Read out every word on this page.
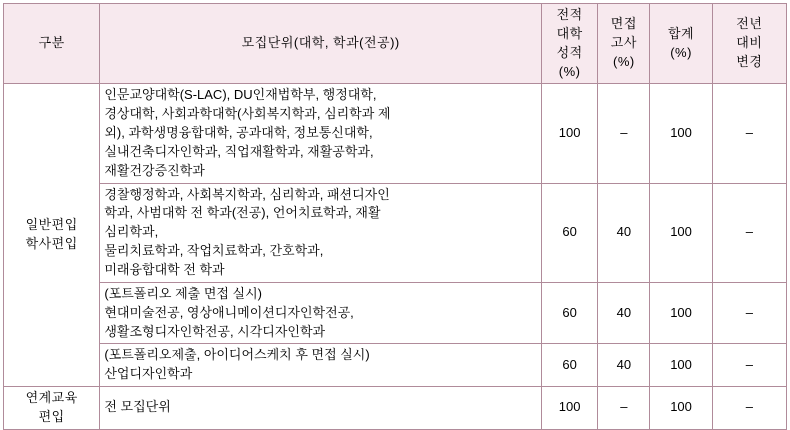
구분	모집단위(대학, 학과(전공))	전적
대학
성적
(%)	면접
고사
(%)	합계
(%)	전년
대비
변경

일반편입
학사편입	인문교양대학(S-LAC), DU인재법학부, 행정대학,
경상대학, 사회과학대학(사회복지학과, 심리학과 제
외), 과학생명융합대학, 공과대학, 정보통신대학,
실내건축디자인학과, 직업재활학과, 재활공학과,
재활건강증진학과	100	–	100	–

	경찰행정학과, 사회복지학과, 심리학과, 패션디자인
학과, 사범대학 전 학과(전공), 언어치료학과, 재활
심리학과,
물리치료학과, 작업치료학과, 간호학과,
미래융합대학 전 학과	60	40	100	–

	(포트폴리오 제출 면접 실시)
현대미술전공, 영상애니메이션디자인학전공,
생활조형디자인학전공, 시각디자인학과	60	40	100	–

	(포트폴리오제출, 아이디어스케치 후 면접 실시)
산업디자인학과	60	40	100	–

연계교육
편입	전 모집단위	100	–	100	–
